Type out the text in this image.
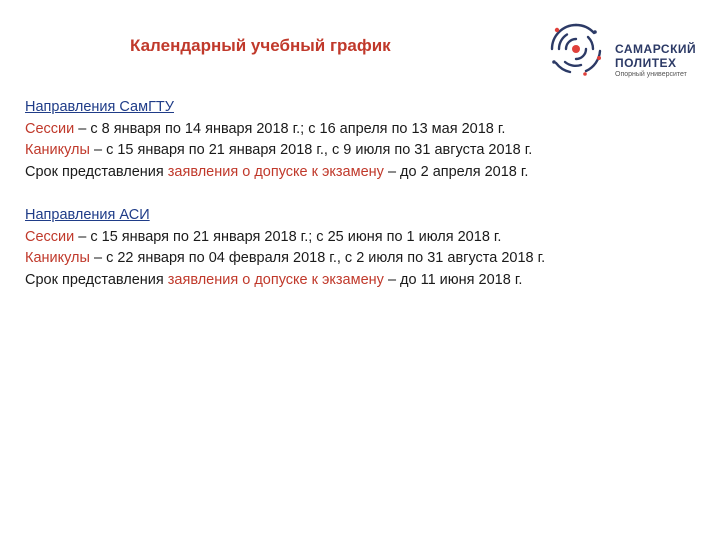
Календарный учебный график	САМАРСКИЙ
ПОЛИТЕХ
Опорный университет
Направления СамГТУ
Сессии – с 8 января по 14 января 2018 г.; с 16 апреля по 13 мая 2018 г.
Каникулы – с 15 января по 21 января 2018 г., с 9 июля по 31 августа 2018 г.
Срок представления заявления о допуске к экзамену – до 2 апреля 2018 г.
Направления АСИ
Сессии – с 15 января по 21 января 2018 г.; с 25 июня по 1 июля 2018 г.
Каникулы – с 22 января по 04 февраля 2018 г., с 2 июля по 31 августа 2018 г.
Срок представления заявления о допуске к экзамену – до 11 июня 2018 г.
